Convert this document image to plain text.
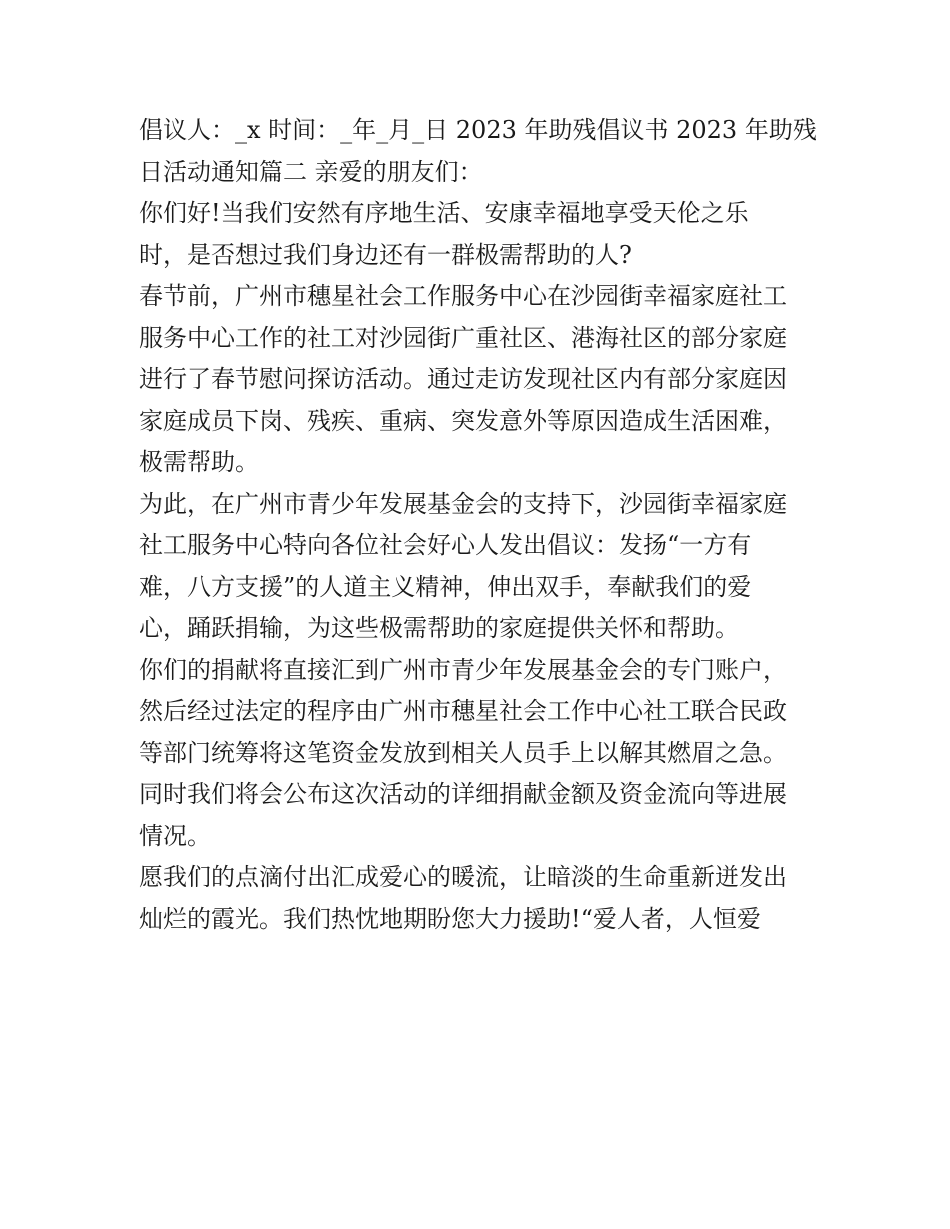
倡议人：_x 时间：_年_月_日 2023 年助残倡议书 2023 年助残
日活动通知篇二 亲爱的朋友们：
你们好!当我们安然有序地生活、安康幸福地享受天伦之乐
时，是否想过我们身边还有一群极需帮助的人?
春节前，广州市穗星社会工作服务中心在沙园街幸福家庭社工
服务中心工作的社工对沙园街广重社区、港海社区的部分家庭
进行了春节慰问探访活动。通过走访发现社区内有部分家庭因
家庭成员下岗、残疾、重病、突发意外等原因造成生活困难，
极需帮助。
为此，在广州市青少年发展基金会的支持下，沙园街幸福家庭
社工服务中心特向各位社会好心人发出倡议：发扬“一方有
难，八方支援”的人道主义精神，伸出双手，奉献我们的爱
心，踊跃捐输，为这些极需帮助的家庭提供关怀和帮助。
你们的捐献将直接汇到广州市青少年发展基金会的专门账户，
然后经过法定的程序由广州市穗星社会工作中心社工联合民政
等部门统筹将这笔资金发放到相关人员手上以解其燃眉之急。
同时我们将会公布这次活动的详细捐献金额及资金流向等进展
情况。
愿我们的点滴付出汇成爱心的暖流，让暗淡的生命重新迸发出
灿烂的霞光。我们热忱地期盼您大力援助!“爱人者，人恒爱
